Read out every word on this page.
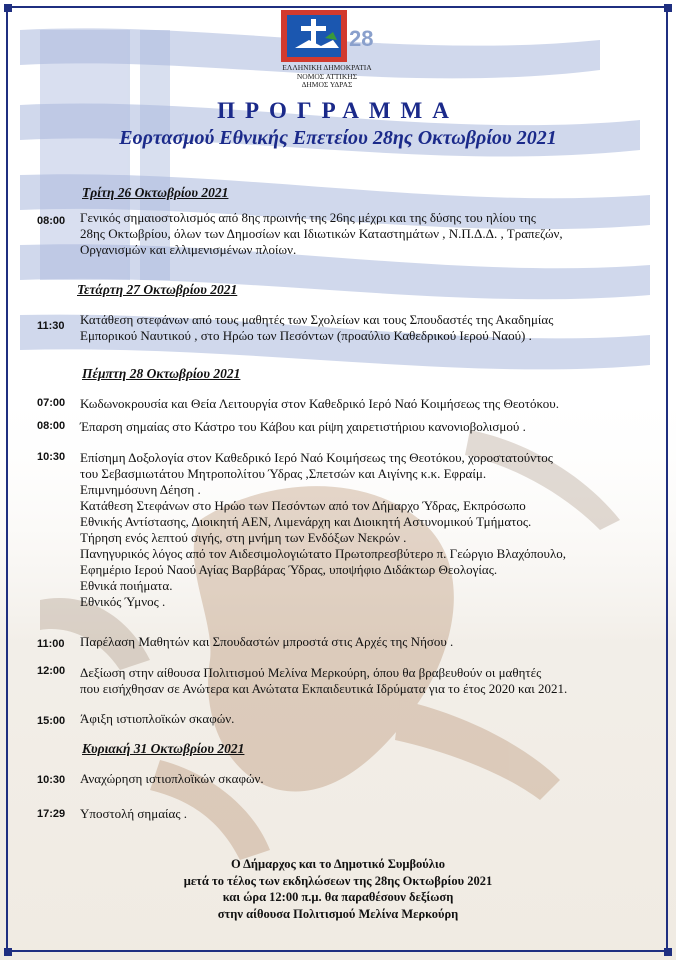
28
ΕΛΛΗΝΙΚΗ ΔΗΜΟΚΡΑΤΙΑ
ΝΟΜΟΣ ΑΤΤΙΚΗΣ
ΔΗΜΟΣ ΥΔΡΑΣ
ΠΡΟΓΡΑΜΜΑ
Εορτασμού Εθνικής Επετείου 28ης Οκτωβρίου 2021
Τρίτη 26 Οκτωβρίου 2021
08:00 Γενικός σημαιοστολισμός από 8ης πρωινής της 26ης μέχρι και της δύσης του ηλίου της
28ης Οκτωβρίου, όλων των Δημοσίων και Ιδιωτικών Καταστημάτων , Ν.Π.Δ.Δ. , Τραπεζών,
Οργανισμών και ελλιμενισμένων πλοίων.
Τετάρτη 27 Οκτωβρίου 2021
11:30	Κατάθεση στεφάνων από τους μαθητές των Σχολείων και τους Σπουδαστές της Ακαδημίας
Εμπορικού Ναυτικού , στο Ηρώο των Πεσόντων (προαύλιο Καθεδρικού Ιερού Ναού) .
Πέμπτη 28 Οκτωβρίου 2021
07:00 Κωδωνοκρουσία και Θεία Λειτουργία στον Καθεδρικό Ιερό Ναό Κοιμήσεως της Θεοτόκου.
08:00 Έπαρση σημαίας στο Κάστρο του Κάβου και ρίψη χαιρετιστήριου κανονιοβολισμού .
10:30 Επίσημη Δοξολογία στον Καθεδρικό Ιερό Ναό Κοιμήσεως της Θεοτόκου, χοροστατούντος
του Σεβασμιωτάτου Μητροπολίτου Ύδρας ,Σπετσών και Αιγίνης κ.κ. Εφραίμ.
Επιμνημόσυνη Δέηση .
Κατάθεση Στεφάνων στο Ηρώο των Πεσόντων από τον Δήμαρχο Ύδρας, Εκπρόσωπο
Εθνικής Αντίστασης, Διοικητή ΑΕΝ, Λιμενάρχη και Διοικητή Αστυνομικού Τμήματος.
Τήρηση ενός λεπτού σιγής, στη μνήμη των Ενδόξων Νεκρών .
Πανηγυρικός λόγος από τον Αιδεσιμολογιώτατο Πρωτοπρεσβύτερο π. Γεώργιο Βλαχόπουλο,
Εφημέριο Ιερού Ναού Αγίας Βαρβάρας Ύδρας, υποψήφιο Διδάκτωρ Θεολογίας.
Εθνικά ποιήματα.
Εθνικός Ύμνος .
11:00	Παρέλαση Μαθητών και Σπουδαστών μπροστά στις Αρχές της Νήσου .
12:00 Δεξίωση στην αίθουσα Πολιτισμού Μελίνα Μερκούρη, όπου θα βραβευθούν οι μαθητές
που εισήχθησαν σε Ανώτερα και Ανώτατα Εκπαιδευτικά Ιδρύματα για το έτος 2020 και 2021.
15:00 Άφιξη ιστιοπλοϊκών σκαφών.
Κυριακή 31 Οκτωβρίου 2021
10:30 Αναχώρηση ιστιοπλοϊκών σκαφών.
17:29 Υποστολή σημαίας .
Ο Δήμαρχος και το Δημοτικό Συμβούλιο
μετά το τέλος των εκδηλώσεων της 28ης Οκτωβρίου 2021
και ώρα 12:00 π.μ. θα παραθέσουν δεξίωση
στην αίθουσα Πολιτισμού Μελίνα Μερκούρη
